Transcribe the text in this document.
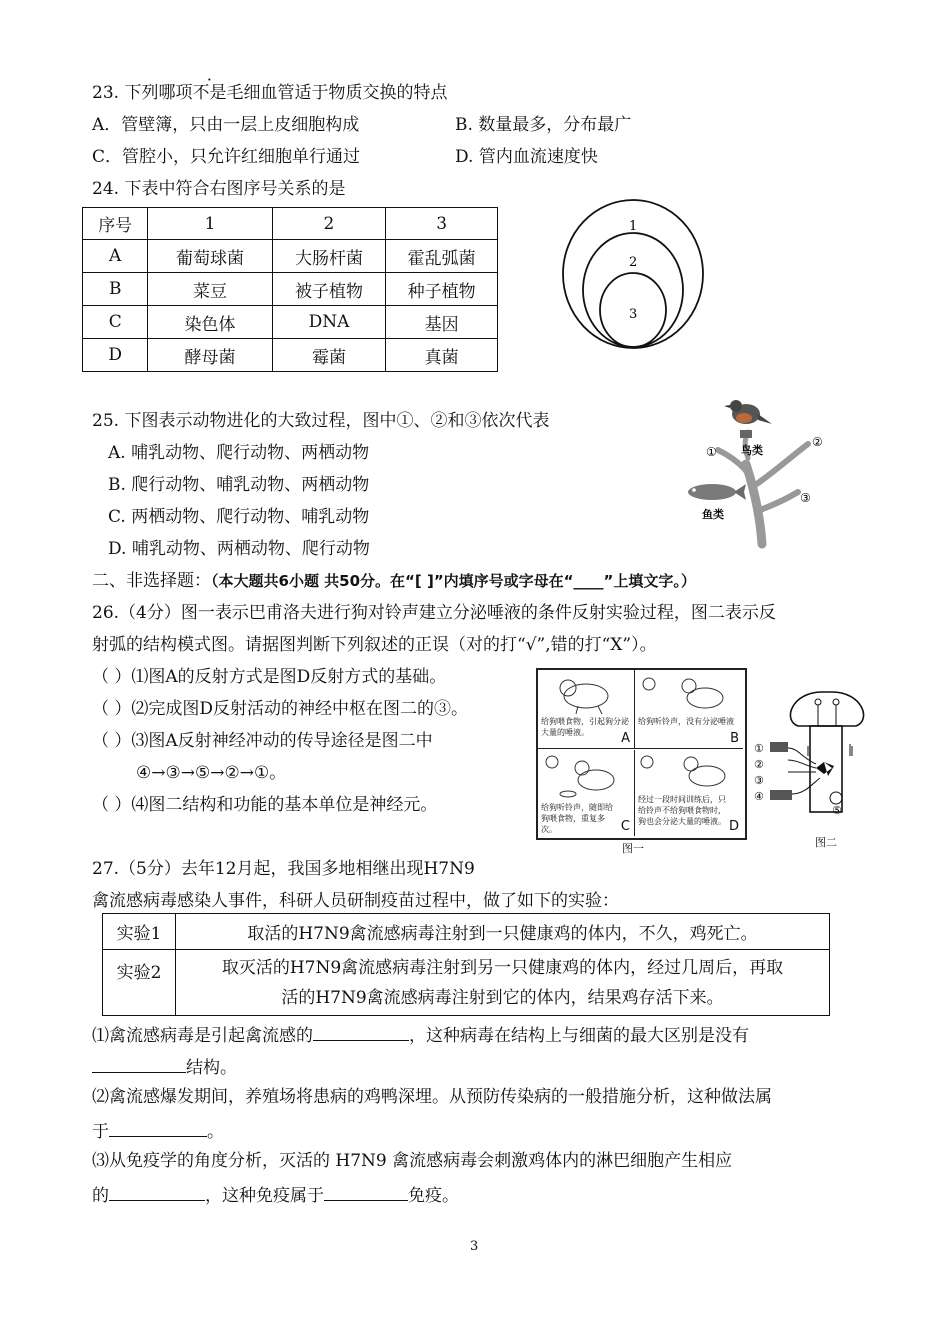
23. 下列哪项不是毛细血管适于物质交换的特点
A．管壁簿，只由一层上皮细胞构成	B. 数量最多，分布最广
C．管腔小，只允许红细胞单行通过	D. 管内血流速度快
24. 下表中符合右图序号关系的是
序号	1	2	3
A	葡萄球菌	大肠杆菌	霍乱弧菌
B	菜豆	被子植物	种子植物
C	染色体	DNA	基因
D	酵母菌	霉菌	真菌
1
2
3
25. 下图表示动物进化的大致过程，图中①、②和③依次代表
A. 哺乳动物、爬行动物、两栖动物
B. 爬行动物、哺乳动物、两栖动物
C. 两栖动物、爬行动物、哺乳动物
D. 哺乳动物、两栖动物、爬行动物
鸟类
鱼类
①
②
③
二、非选择题：（本大题共6小题 共50分。在“[ ]”内填序号或字母在“____”上填文字。）
26.（4分）图一表示巴甫洛夫进行狗对铃声建立分泌唾液的条件反射实验过程，图二表示反
射弧的结构模式图。请据图判断下列叙述的正误（对的打“√”,错的打“X”）。
（ ）⑴图A的反射方式是图D反射方式的基础。
（ ）⑵完成图D反射活动的神经中枢在图二的③。
（ ）⑶图A反射神经冲动的传导途径是图二中
④→③→⑤→②→①。
（ ）⑷图二结构和功能的基本单位是神经元。
给狗喂食物，引起狗分泌大量的唾液。	A
给狗听铃声，没有分泌唾液
B
给狗听铃声，随即给狗喂食物，重复多次。	C
经过一段时间训练后，只给铃声不给狗喂食物时，狗也会分泌大量的唾液。 D
图一
①
②
③
④
⑤
图二
27.（5分）去年12月起，我国多地相继出现H7N9
禽流感病毒感染人事件，科研人员研制疫苗过程中，做了如下的实验：
实验1	取活的H7N9禽流感病毒注射到一只健康鸡的体内，不久，鸡死亡。
实验2	取灭活的H7N9禽流感病毒注射到另一只健康鸡的体内，经过几周后，再取
活的H7N9禽流感病毒注射到它的体内，结果鸡存活下来。
⑴禽流感病毒是引起禽流感的	，这种病毒在结构上与细菌的最大区别是没有
结构。
⑵禽流感爆发期间，养殖场将患病的鸡鸭深埋。从预防传染病的一般措施分析，这种做法属
于	。
⑶从免疫学的角度分析，灭活的 H7N9 禽流感病毒会刺激鸡体内的淋巴细胞产生相应
的	，这种免疫属于	免疫。
3
